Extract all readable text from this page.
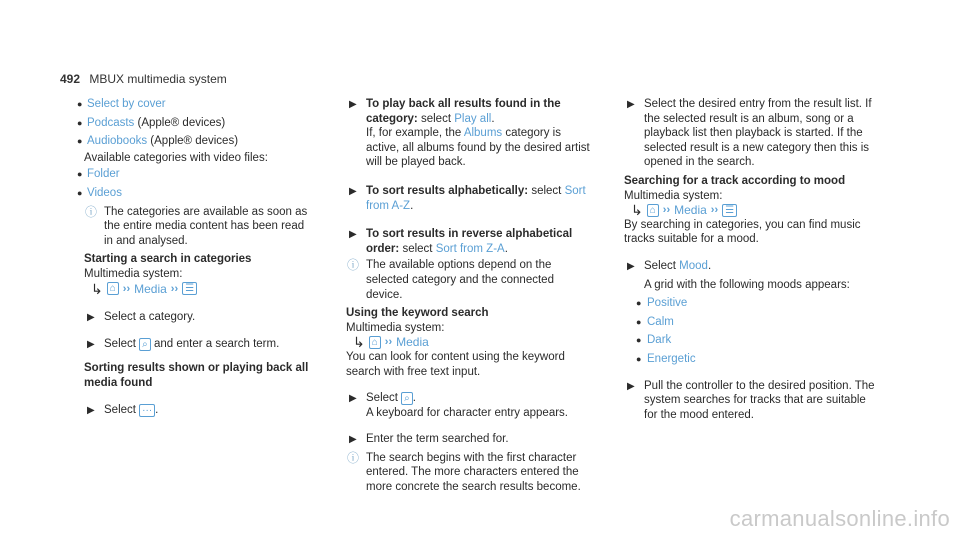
492 MBUX multimedia system
● Select by cover
● Podcasts (Apple® devices)
● Audiobooks (Apple® devices)
Available categories with video files:
● Folder
● Videos
ⓘ The categories are available as soon as the entire media content has been read in and analysed.
Starting a search in categories
Multimedia system:
↳ ⌂ ›› Media ›› ☰
▶ Select a category.
▶ Select ⌕ and enter a search term.
Sorting results shown or playing back all media found
▶ Select ··· .
▶ To play back all results found in the category: select Play all.
If, for example, the Albums category is active, all albums found by the desired artist will be played back.
▶ To sort results alphabetically: select Sort from A-Z.
▶ To sort results in reverse alphabetical order: select Sort from Z-A.
ⓘ The available options depend on the selected category and the connected device.
Using the keyword search
Multimedia system:
↳ ⌂ ›› Media
You can look for content using the keyword search with free text input.
▶ Select ⌕ .
A keyboard for character entry appears.
▶ Enter the term searched for.
ⓘ The search begins with the first character entered. The more characters entered the more concrete the search results become.
▶ Select the desired entry from the result list. If the selected result is an album, song or a playback list then playback is started. If the selected result is a new category then this is opened in the search.
Searching for a track according to mood
Multimedia system:
↳ ⌂ ›› Media ›› ☰
By searching in categories, you can find music tracks suitable for a mood.
▶ Select Mood.
A grid with the following moods appears:
● Positive
● Calm
● Dark
● Energetic
▶ Pull the controller to the desired position. The system searches for tracks that are suitable for the mood entered.
carmanualsonline.info
